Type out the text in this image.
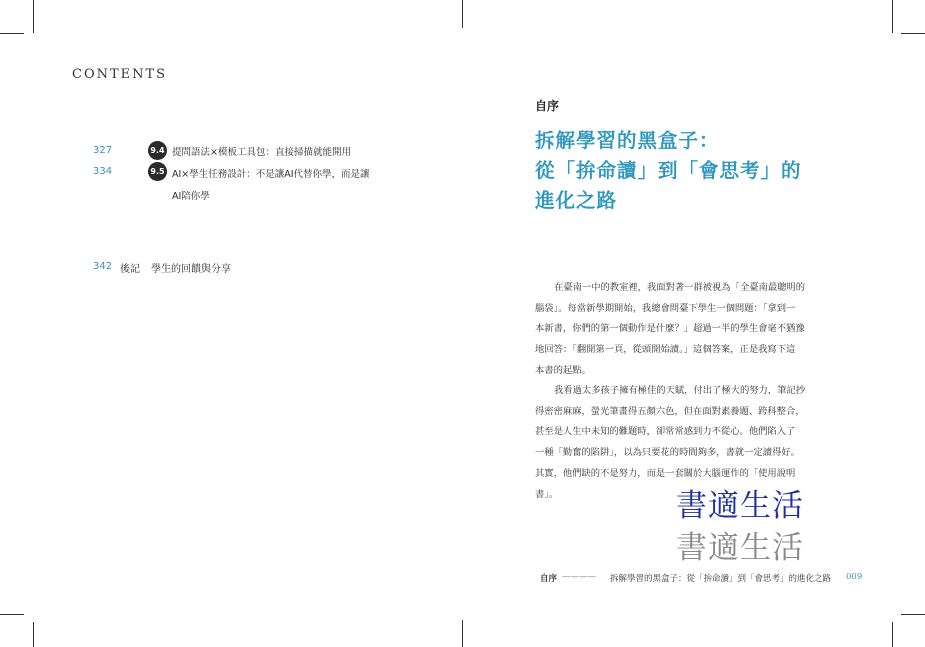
CONTENTS
327	9.4 提問語法×模板工具包：直接掃描就能開用
334	9.5 AI×學生任務設計：不是讓AI代替你學，而是讓
AI陪你學
342 後記 學生的回饋與分享
自序
拆解學習的黑盒子：
從「拚命讀」到「會思考」的
進化之路
在臺南一中的教室裡，我面對著一群被視為「全臺南最聰明的
腦袋」。每當新學期開始，我總會問臺下學生一個問題：「拿到一
本新書，你們的第一個動作是什麼？」超過一半的學生會毫不猶豫
地回答：「翻開第一頁，從頭開始讀。」這個答案，正是我寫下這
本書的起點。
我看過太多孩子擁有極佳的天賦，付出了極大的努力，筆記抄
得密密麻麻，螢光筆畫得五顏六色，但在面對素養題、跨科整合，
甚至是人生中未知的難題時，卻常常感到力不從心。他們陷入了
一種「勤奮的陷阱」，以為只要花的時間夠多，書就一定讀得好。
其實，他們缺的不是努力，而是一套關於大腦運作的「使用說明
書」。	書適生活
書適生活
自序 ———— 拆解學習的黑盒子：從「拚命讀」到「會思考」的進化之路 009
